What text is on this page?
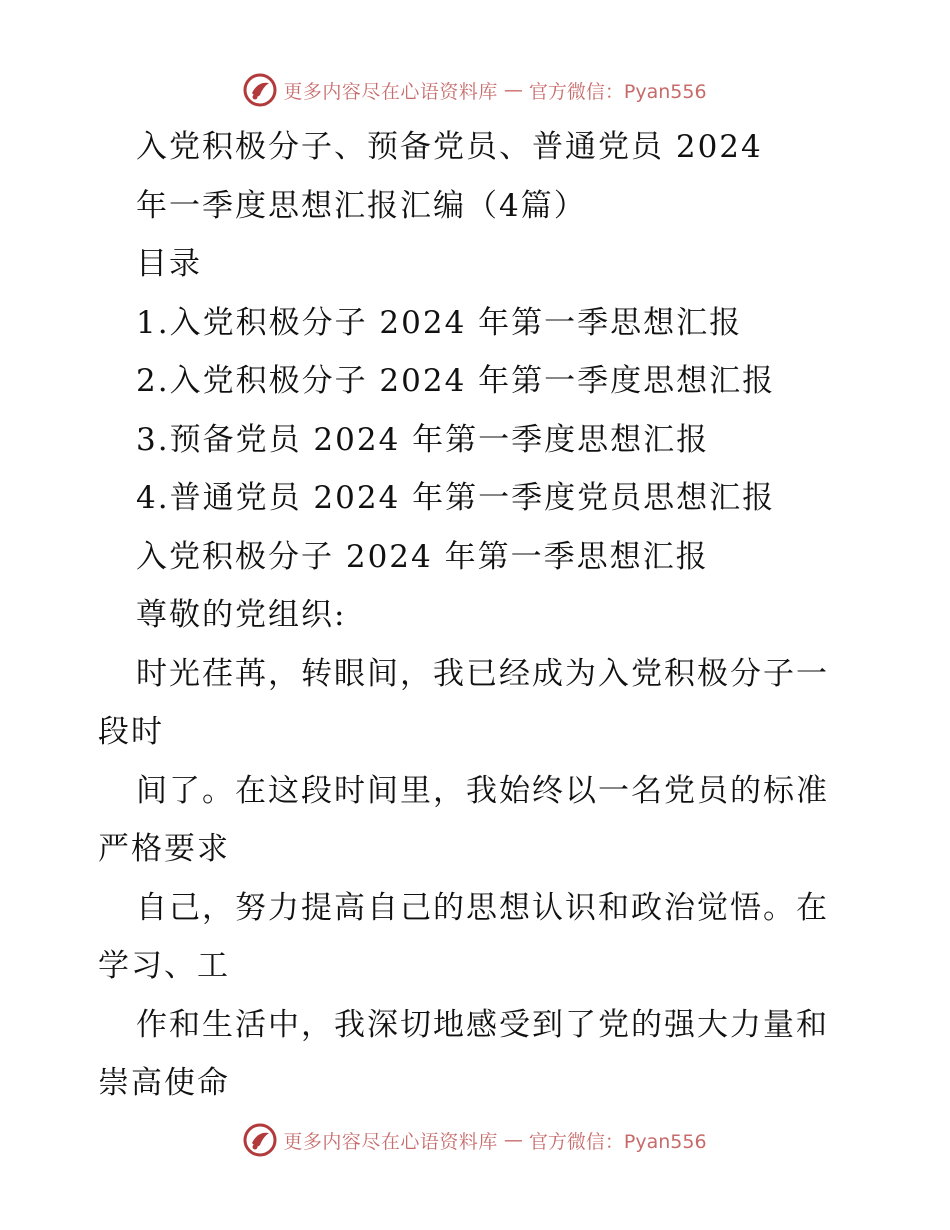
更多内容尽在心语资料库 — 官方微信：Pyan556
入党积极分子、预备党员、普通党员 2024
年一季度思想汇报汇编（4篇）
目录
1.入党积极分子 2024 年第一季思想汇报
2.入党积极分子 2024 年第一季度思想汇报
3.预备党员 2024 年第一季度思想汇报
4.普通党员 2024 年第一季度党员思想汇报
入党积极分子 2024 年第一季思想汇报
尊敬的党组织:
时光荏苒，转眼间，我已经成为入党积极分子一
段时
间了。在这段时间里，我始终以一名党员的标准
严格要求
自己，努力提高自己的思想认识和政治觉悟。在
学习、工
作和生活中，我深切地感受到了党的强大力量和
崇高使命
更多内容尽在心语资料库 — 官方微信：Pyan556
